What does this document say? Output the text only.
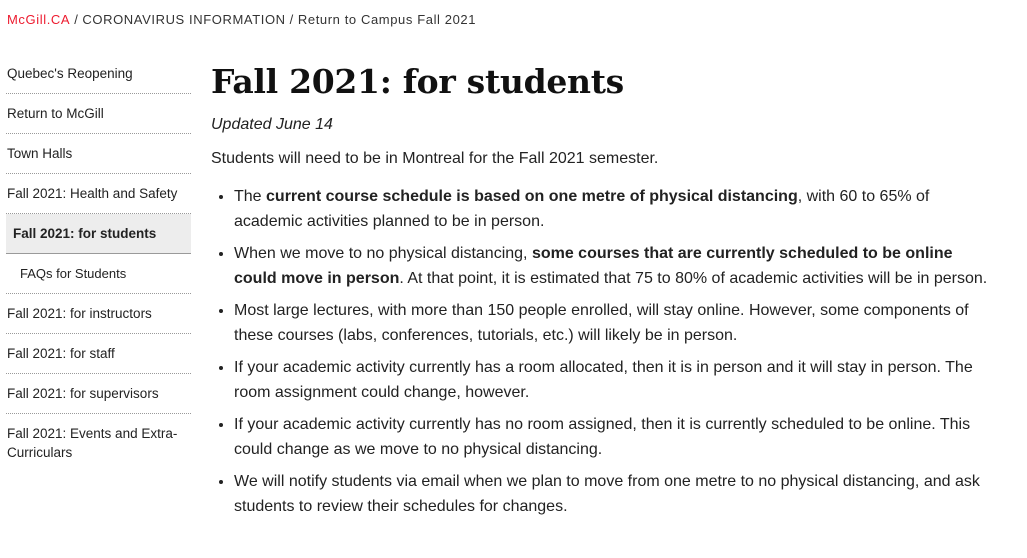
McGill.CA / CORONAVIRUS INFORMATION / Return to Campus Fall 2021
Quebec's Reopening
Return to McGill
Town Halls
Fall 2021: Health and Safety
Fall 2021: for students
FAQs for Students
Fall 2021: for instructors
Fall 2021: for staff
Fall 2021: for supervisors
Fall 2021: Events and Extra-Curriculars
Fall 2021: for students
Updated June 14

Students will need to be in Montreal for the Fall 2021 semester.

• The current course schedule is based on one metre of physical distancing, with 60 to 65% of academic activities planned to be in person.
• When we move to no physical distancing, some courses that are currently scheduled to be online could move in person. At that point, it is estimated that 75 to 80% of academic activities will be in person.
• Most large lectures, with more than 150 people enrolled, will stay online. However, some components of these courses (labs, conferences, tutorials, etc.) will likely be in person.
• If your academic activity currently has a room allocated, then it is in person and it will stay in person. The room assignment could change, however.
• If your academic activity currently has no room assigned, then it is currently scheduled to be online. This could change as we move to no physical distancing.
• We will notify students via email when we plan to move from one metre to no physical distancing, and ask students to review their schedules for changes.
